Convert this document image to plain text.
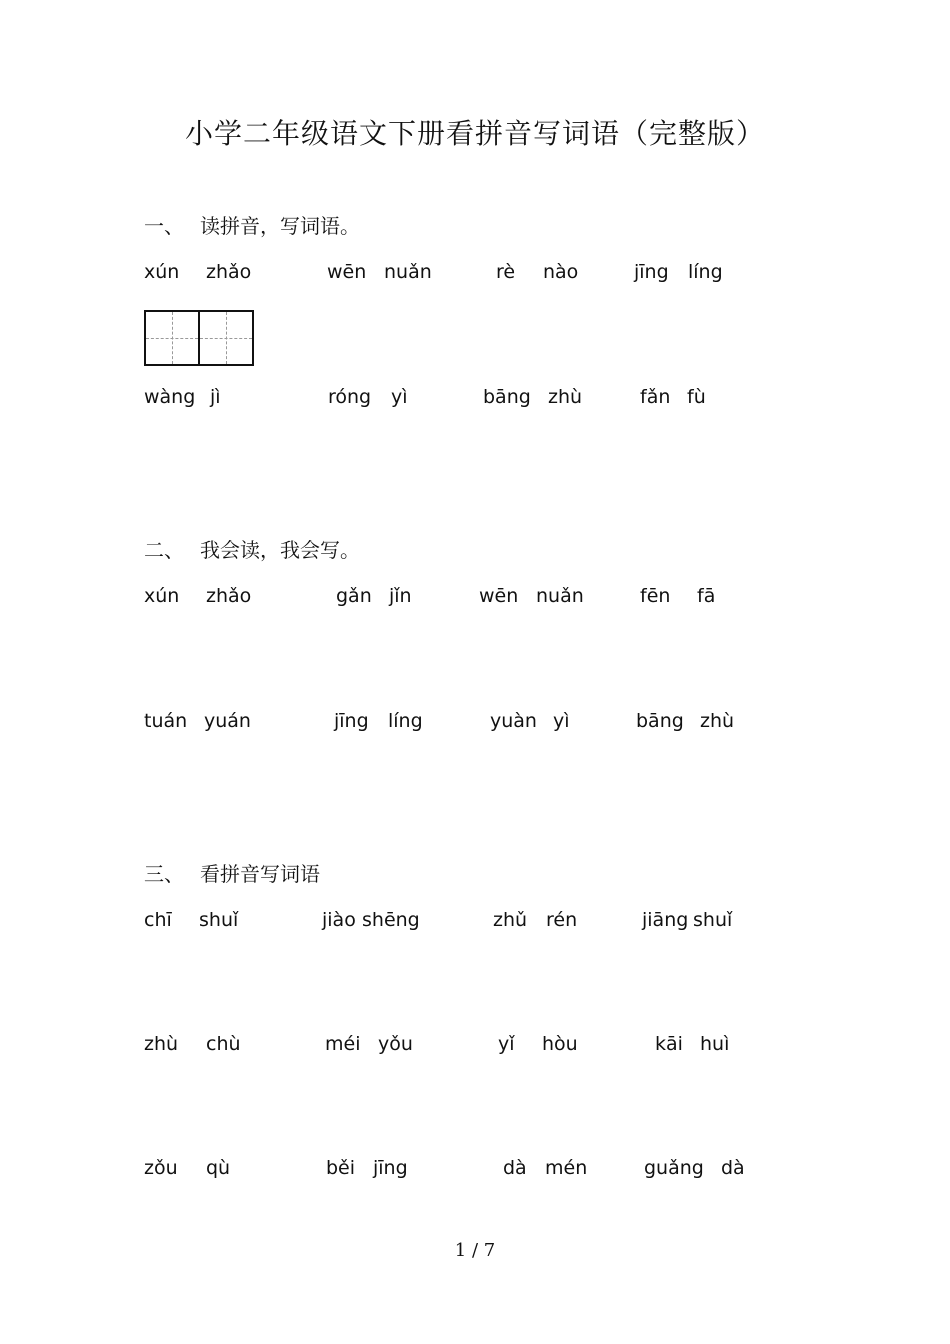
小学二年级语文下册看拼音写词语（完整版）
一、 读拼音，写词语。
xún zhǎo	wēn nuǎn	rè nào	jīng líng
wàng jì	róng yì	bāng zhù	fǎn fù
二、 我会读，我会写。
xún zhǎo	gǎn jǐn	wēn nuǎn	fēn fā
tuán yuán	jīng líng	yuàn yì	bāng zhù
三、 看拼音写词语
chī shuǐ	jiào shēng	zhǔ rén	jiāng shuǐ
zhù chù	méi yǒu	yǐ hòu	kāi huì
zǒu qù	běi jīng	dà mén	guǎng dà
1 / 7
